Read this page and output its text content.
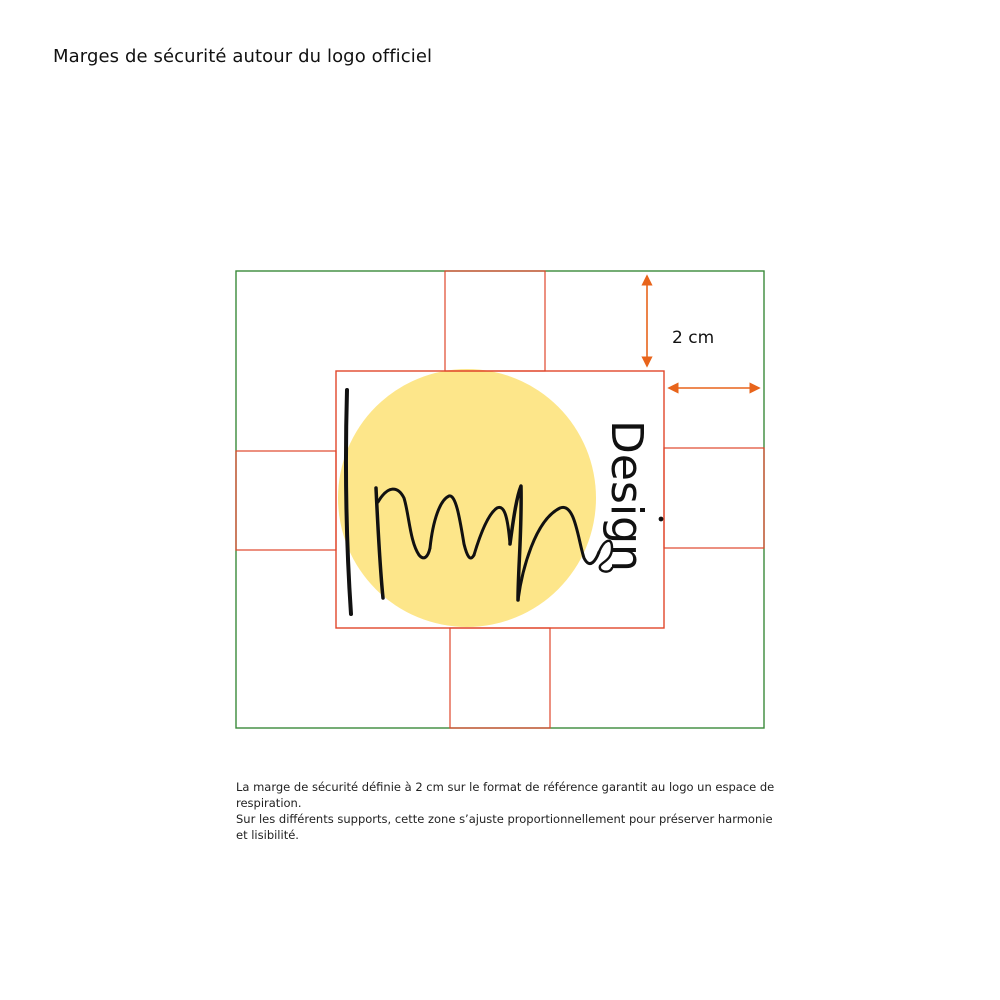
Marges de sécurité autour du logo officiel
Design
2 cm

La marge de sécurité définie à 2 cm sur le format de référence garantit au logo un espace de respiration.

Sur les différents supports, cette zone s’ajuste proportionnellement pour préserver harmonie et lisibilité.
